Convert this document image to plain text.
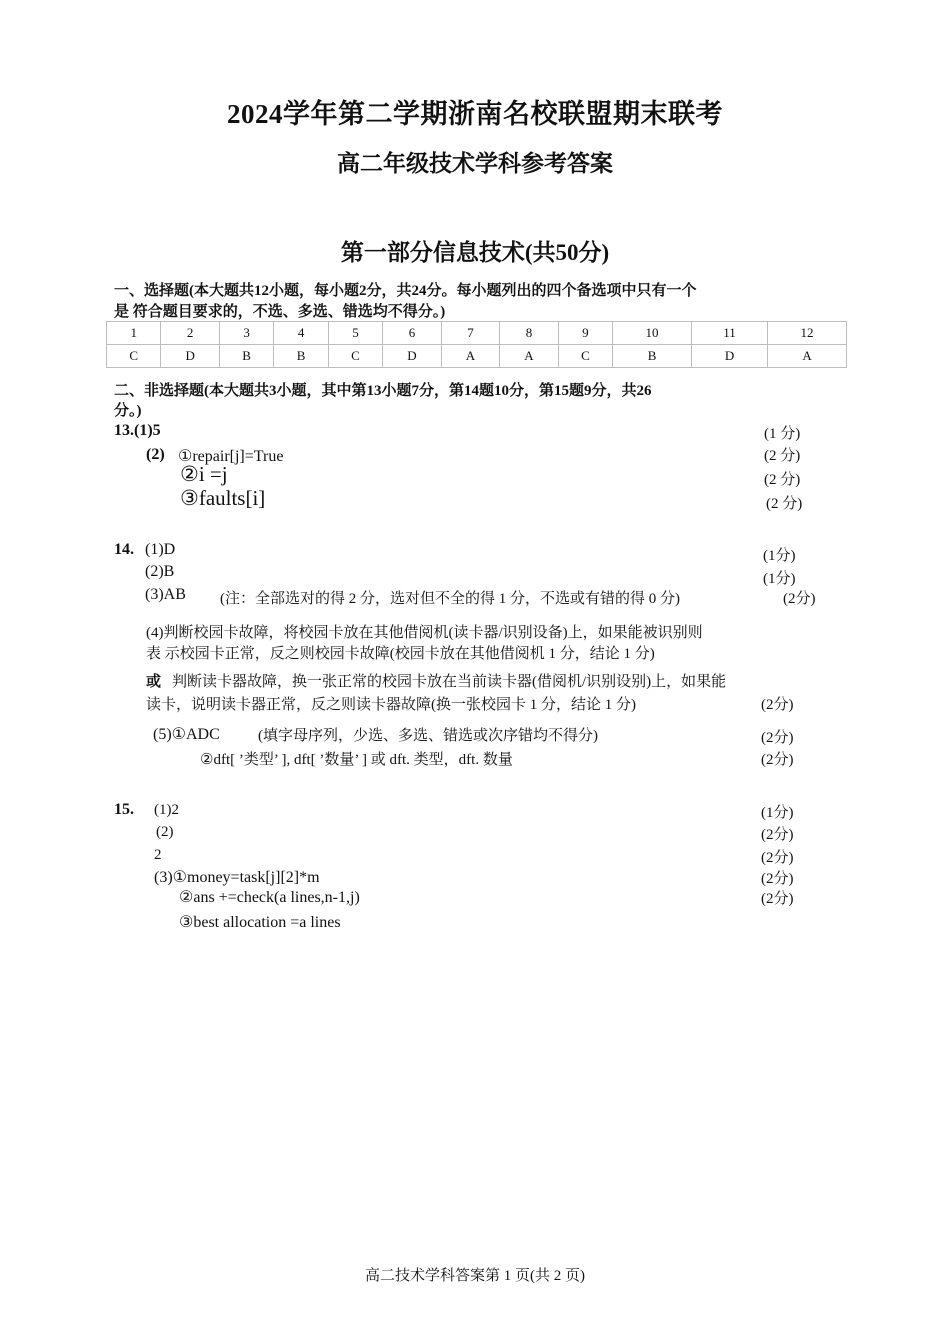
2024学年第二学期浙南名校联盟期末联考
高二年级技术学科参考答案
第一部分信息技术(共50分)
一、选择题(本大题共12小题，每小题2分，共24分。每小题列出的四个备选项中只有一个
是 符合题目要求的，不选、多选、错选均不得分。)
1	2	3	4	5	6	7	8	9	10	11	12
C	D	B	B	C	D	A	A	C	B	D	A
二、非选择题(本大题共3小题，其中第13小题7分，第14题10分，第15题9分，共26
分。)
13.(1)5	(1 分)
(2) ①repair[j]=True	(2 分)
②i =j	(2 分)
③faults[i]	(2 分)
14. (1)D	(1分)
(2)B	(1分)
(3)AB (注：全部选对的得 2 分，选对但不全的得 1 分，不选或有错的得 0 分)	(2分)
(4)判断校园卡故障，将校园卡放在其他借阅机(读卡器/识别设备)上，如果能被识别则
表 示校园卡正常，反之则校园卡故障(校园卡放在其他借阅机 1 分，结论 1 分)
或 判断读卡器故障，换一张正常的校园卡放在当前读卡器(借阅机/识别设别)上，如果能
读卡，说明读卡器正常，反之则读卡器故障(换一张校园卡 1 分，结论 1 分)	(2分)
(5)①ADC	(填字母序列，少选、多选、错选或次序错均不得分)	(2分)
②dft[ ’类型’ ], dft[ ’数量’ ] 或 dft. 类型，dft. 数量	(2分)
15. (1)2	(1分)
(2)	(2分)
2	(2分)
(3)①money=task[j][2]*m	(2分)
②ans +=check(a lines,n-1,j)	(2分)
③best allocation =a lines
高二技术学科答案第 1 页(共 2 页)
